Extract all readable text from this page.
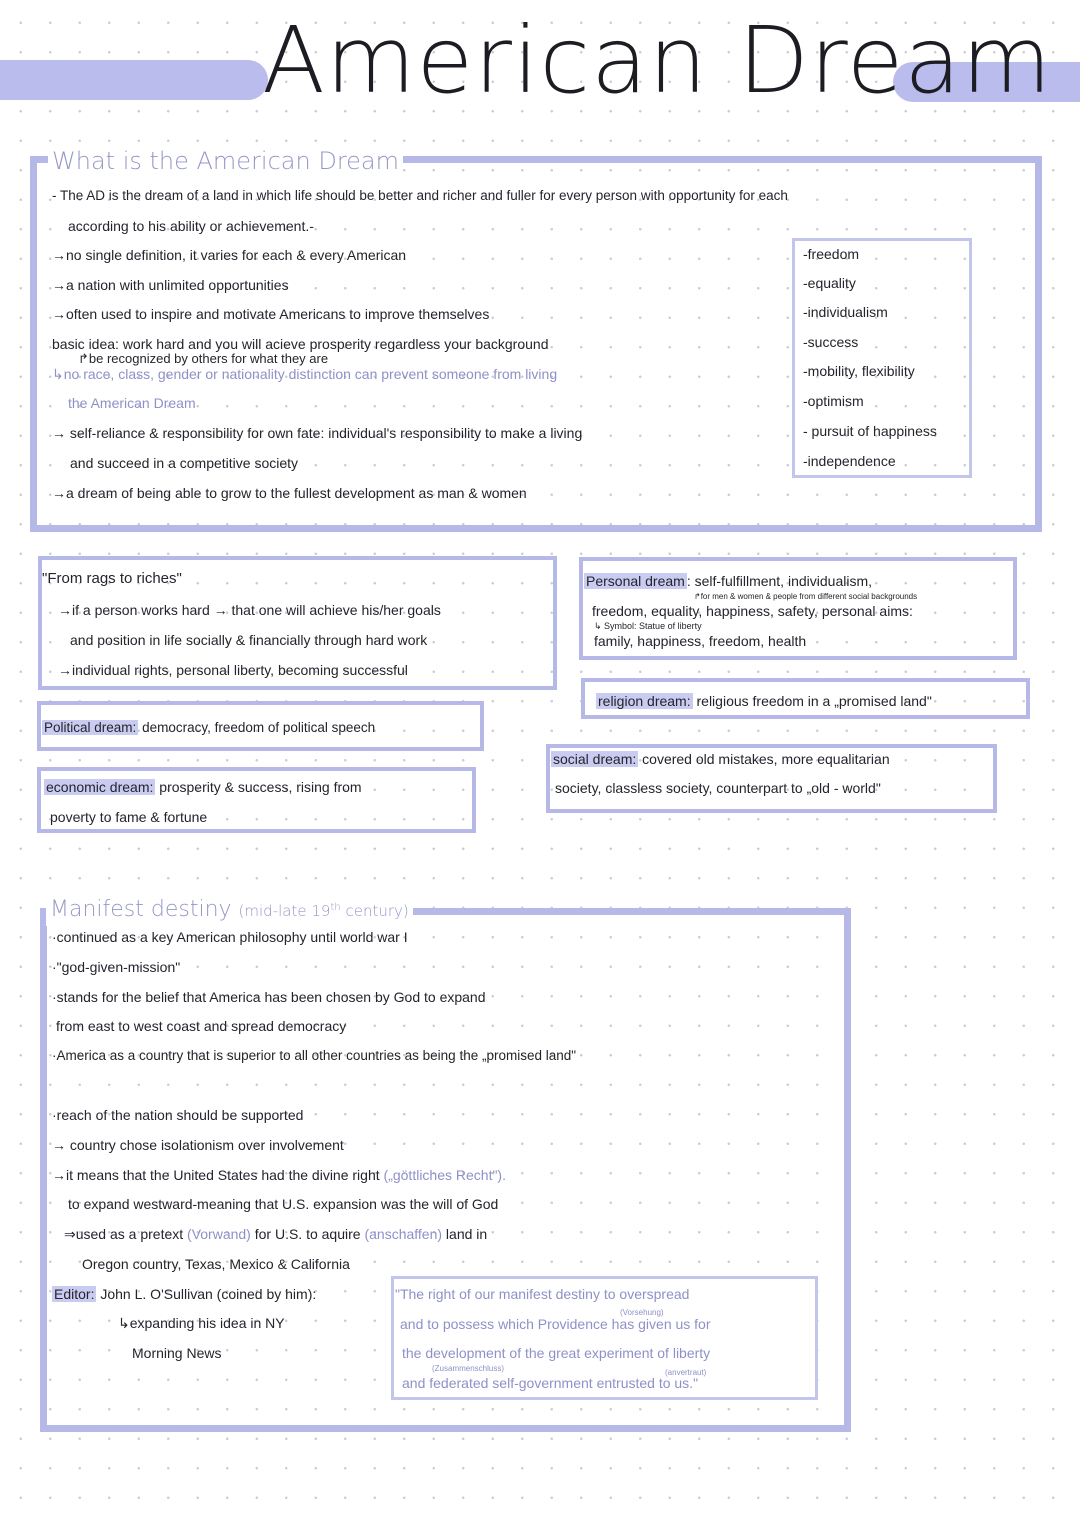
American Dream
What is the American Dream
- The AD is the dream of a land in which life should be better and richer and fuller for every person with opportunity for each
according to his ability or achievement.-
→no single definition, it varies for each & every American
→a nation with unlimited opportunities
→often used to inspire and motivate Americans to improve themselves
basic idea: work hard and you will acieve prosperity regardless your background
↱be recognized by others for what they are
↳no race, class, gender or nationality distinction can prevent someone from living
the American Dream
→ self-reliance & responsibility for own fate: individual's responsibility to make a living
and succeed in a competitive society
→a dream of being able to grow to the fullest development as man & women
-freedom
-equality
-individualism
-success
-mobility, flexibility
-optimism
- pursuit of happiness
-independence
"From rags to riches"
→if a person works hard → that one will achieve his/her goals
and position in life socially & financially through hard work
→individual rights, personal liberty, becoming successful
Political dream: democracy, freedom of political speech
economic dream: prosperity & success, rising from
poverty to fame & fortune
Personal dream : self-fulfillment, individualism,
↱for men & women & people from different social backgrounds
freedom, equality, happiness, safety, personal aims:
↳ Symbol: Statue of liberty
family, happiness, freedom, health
religion dream: religious freedom in a „promised land"
social dream: covered old mistakes, more equalitarian
society, classless society, counterpart to „old - world"
Manifest destiny (mid-late 19th century)
·continued as a key American philosophy until world war I
·"god-given-mission"
·stands for the belief that America has been chosen by God to expand
from east to west coast and spread democracy
·America as a country that is superior to all other countries as being the „promised land"
·reach of the nation should be supported
→ country chose isolationism over involvement
→it means that the United States had the divine right („göttliches Recht").
to expand westward-meaning that U.S. expansion was the will of God
⇒used as a pretext (Vorwand) for U.S. to aquire (anschaffen) land in
Oregon country, Texas, Mexico & California
Editor: John L. O'Sullivan (coined by him):
↳expanding his idea in NY
Morning News
"The right of our manifest destiny to overspread
(Vorsehung)
and to possess which Providence has given us for
the development of the great experiment of liberty
(Zusammenschluss)	(anvertraut)
and federated self-government entrusted to us."
